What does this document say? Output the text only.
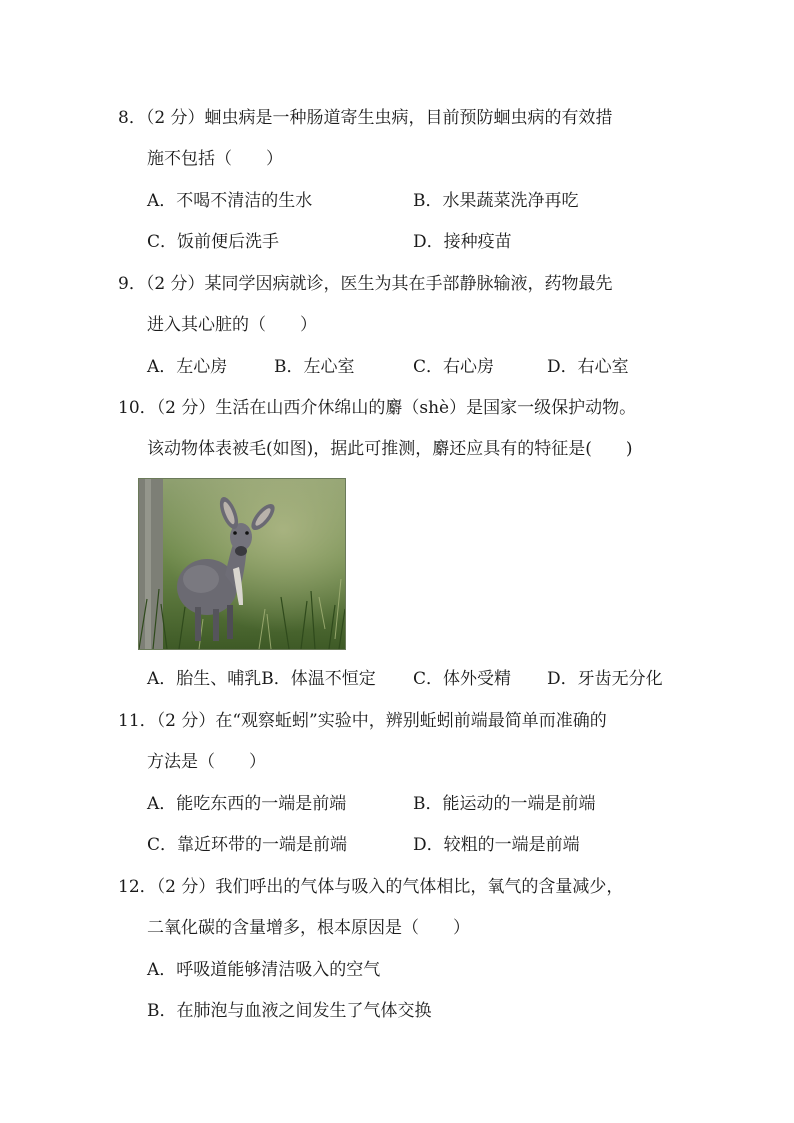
8．（2 分）蛔虫病是一种肠道寄生虫病，目前预防蛔虫病的有效措
施不包括（　　）
A．不喝不清洁的生水	B．水果蔬菜洗净再吃
C．饭前便后洗手	D．接种疫苗
9．（2 分）某同学因病就诊，医生为其在手部静脉输液，药物最先
进入其心脏的（　　）
A．左心房	B．左心室	C．右心房	D．右心室
10．（2 分）生活在山西介休绵山的麝（shè）是国家一级保护动物。
该动物体表被毛(如图)，据此可推测，麝还应具有的特征是(　　)
A．胎生、哺乳B．体温不恒定 C．体外受精 D．牙齿无分化
11．（2 分）在“观察蚯蚓”实验中，辨别蚯蚓前端最简单而准确的
方法是（　　）
A．能吃东西的一端是前端	B．能运动的一端是前端
C．靠近环带的一端是前端	D．较粗的一端是前端
12．（2 分）我们呼出的气体与吸入的气体相比，氧气的含量减少，
二氧化碳的含量增多，根本原因是（　　）
A．呼吸道能够清洁吸入的空气
B．在肺泡与血液之间发生了气体交换
